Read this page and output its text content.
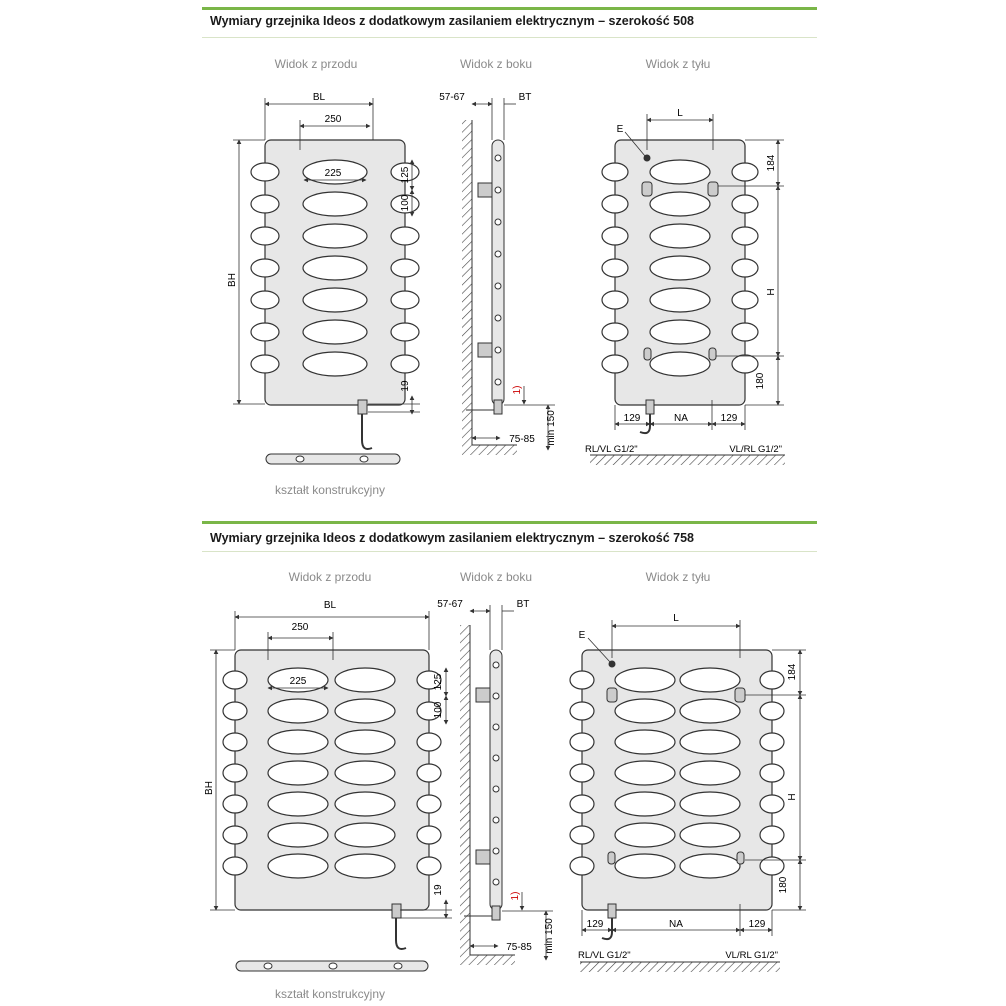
Wymiary grzejnika Ideos z dodatkowym zasilaniem elektrycznym – szerokość 508
Widok z przodu	Widok z boku	Widok z tyłu
BL
250
225	125
100
BH
19
kształt konstrukcyjny
57-67	BT
1)
min 150
75-85
L
E
184
H
180
129	NA	129
RL/VL G1/2"	VL/RL G1/2"
Wymiary grzejnika Ideos z dodatkowym zasilaniem elektrycznym – szerokość 758
Widok z przodu	Widok z boku	Widok z tyłu
BL
250
225	125
100
BH
19
kształt konstrukcyjny
57-67	BT
1)
min 150
75-85
L
E
184
H
180
129	NA	129
RL/VL G1/2"	VL/RL G1/2"
